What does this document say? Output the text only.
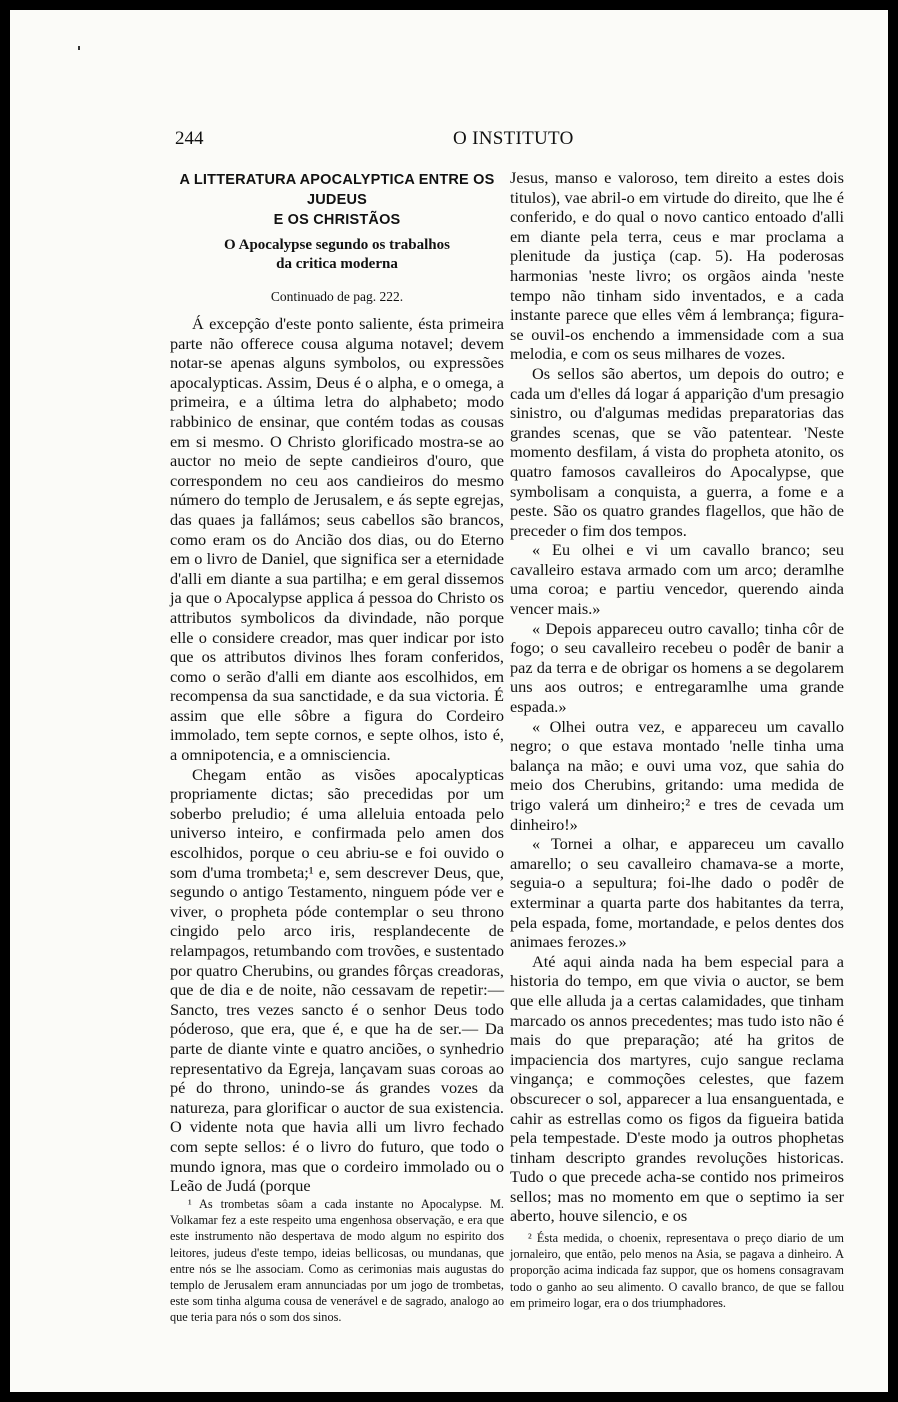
244	O INSTITUTO
A LITTERATURA APOCALYPTICA ENTRE OS JUDEUS
E OS CHRISTÃOS
O Apocalypse segundo os trabalhos
da critica moderna
Continuado de pag. 222.

Á excepção d'este ponto saliente, ésta primeira parte não offerece cousa alguma notavel; devem notar-se apenas alguns symbolos, ou expressões apocalypticas. Assim, Deus é o alpha, e o omega, a primeira, e a última letra do alphabeto; modo rabbinico de ensinar, que contém todas as cousas em si mesmo. O Christo glorificado mostra-se ao auctor no meio de septe candieiros d'ouro, que correspondem no ceu aos candieiros do mesmo número do templo de Jerusalem, e ás septe egrejas, das quaes ja fallámos; seus cabellos são brancos, como eram os do Ancião dos dias, ou do Eterno em o livro de Daniel, que significa ser a eternidade d'alli em diante a sua partilha; e em geral dissemos ja que o Apocalypse applica á pessoa do Christo os attributos symbolicos da divindade, não porque elle o considere creador, mas quer indicar por isto que os attributos divinos lhes foram conferidos, como o serão d'alli em diante aos escolhidos, em recompensa da sua sanctidade, e da sua victoria. É assim que elle sôbre a figura do Cordeiro immolado, tem septe cornos, e septe olhos, isto é, a omnipotencia, e a omnisciencia.

Chegam então as visões apocalypticas propriamente dictas; são precedidas por um soberbo preludio; é uma alleluia entoada pelo universo inteiro, e confirmada pelo amen dos escolhidos, porque o ceu abriu-se e foi ouvido o som d'uma trombeta;¹ e, sem descrever Deus, que, segundo o antigo Testamento, ninguem póde ver e viver, o propheta póde contemplar o seu throno cingido pelo arco iris, resplandecente de relampagos, retumbando com trovões, e sustentado por quatro Cherubins, ou grandes fôrças creadoras, que de dia e de noite, não cessavam de repetir:— Sancto, tres vezes sancto é o senhor Deus todo póderoso, que era, que é, e que ha de ser.— Da parte de diante vinte e quatro anciões, o synhedrio representativo da Egreja, lançavam suas coroas ao pé do throno, unindo-se ás grandes vozes da natureza, para glorificar o auctor de sua existencia. O vidente nota que havia alli um livro fechado com septe sellos: é o livro do futuro, que todo o mundo ignora, mas que o cordeiro immolado ou o Leão de Judá (porque

Jesus, manso e valoroso, tem direito a estes dois titulos), vae abril-o em virtude do direito, que lhe é conferido, e do qual o novo cantico entoado d'alli em diante pela terra, ceus e mar proclama a plenitude da justiça (cap. 5). Ha poderosas harmonias 'neste livro; os orgãos ainda 'neste tempo não tinham sido inventados, e a cada instante parece que elles vêm á lembrança; figura-se ouvil-os enchendo a immensidade com a sua melodia, e com os seus milhares de vozes.

Os sellos são abertos, um depois do outro; e cada um d'elles dá logar á apparição d'um presagio sinistro, ou d'algumas medidas preparatorias das grandes scenas, que se vão patentear. 'Neste momento desfilam, á vista do propheta atonito, os quatro famosos cavalleiros do Apocalypse, que symbolisam a conquista, a guerra, a fome e a peste. São os quatro grandes flagellos, que hão de preceder o fim dos tempos.

« Eu olhei e vi um cavallo branco; seu cavalleiro estava armado com um arco; deramlhe uma coroa; e partiu vencedor, querendo ainda vencer mais.»

« Depois appareceu outro cavallo; tinha côr de fogo; o seu cavalleiro recebeu o podêr de banir a paz da terra e de obrigar os homens a se degolarem uns aos outros; e entregaramlhe uma grande espada.»

« Olhei outra vez, e appareceu um cavallo negro; o que estava montado 'nelle tinha uma balança na mão; e ouvi uma voz, que sahia do meio dos Cherubins, gritando: uma medida de trigo valerá um dinheiro;² e tres de cevada um dinheiro!»

« Tornei a olhar, e appareceu um cavallo amarello; o seu cavalleiro chamava-se a morte, seguia-o a sepultura; foi-lhe dado o podêr de exterminar a quarta parte dos habitantes da terra, pela espada, fome, mortandade, e pelos dentes dos animaes ferozes.»

Até aqui ainda nada ha bem especial para a historia do tempo, em que vivia o auctor, se bem que elle alluda ja a certas calamidades, que tinham marcado os annos precedentes; mas tudo isto não é mais do que preparação; até ha gritos de impaciencia dos martyres, cujo sangue reclama vingança; e commoções celestes, que fazem obscurecer o sol, apparecer a lua ensanguentada, e cahir as estrellas como os figos da figueira batida pela tempestade. D'este modo ja outros phophetas tinham descripto grandes revoluções historicas. Tudo o que precede acha-se contido nos primeiros sellos; mas no momento em que o septimo ia ser aberto, houve silencio, e os

¹ As trombetas sôam a cada instante no Apocalypse. M. Volkamar fez a este respeito uma engenhosa observação, e era que este instrumento não despertava de modo algum no espirito dos leitores, judeus d'este tempo, ideias bellicosas, ou mundanas, que entre nós se lhe associam. Como as cerimonias mais augustas do templo de Jerusalem eram annunciadas por um jogo de trombetas, este som tinha alguma cousa de venerável e de sagrado, analogo ao que teria para nós o som dos sinos.

² Ésta medida, o choenix, representava o preço diario de um jornaleiro, que então, pelo menos na Asia, se pagava a dinheiro. A proporção acima indicada faz suppor, que os homens consagravam todo o ganho ao seu alimento. O cavallo branco, de que se fallou em primeiro logar, era o dos triumphadores.
